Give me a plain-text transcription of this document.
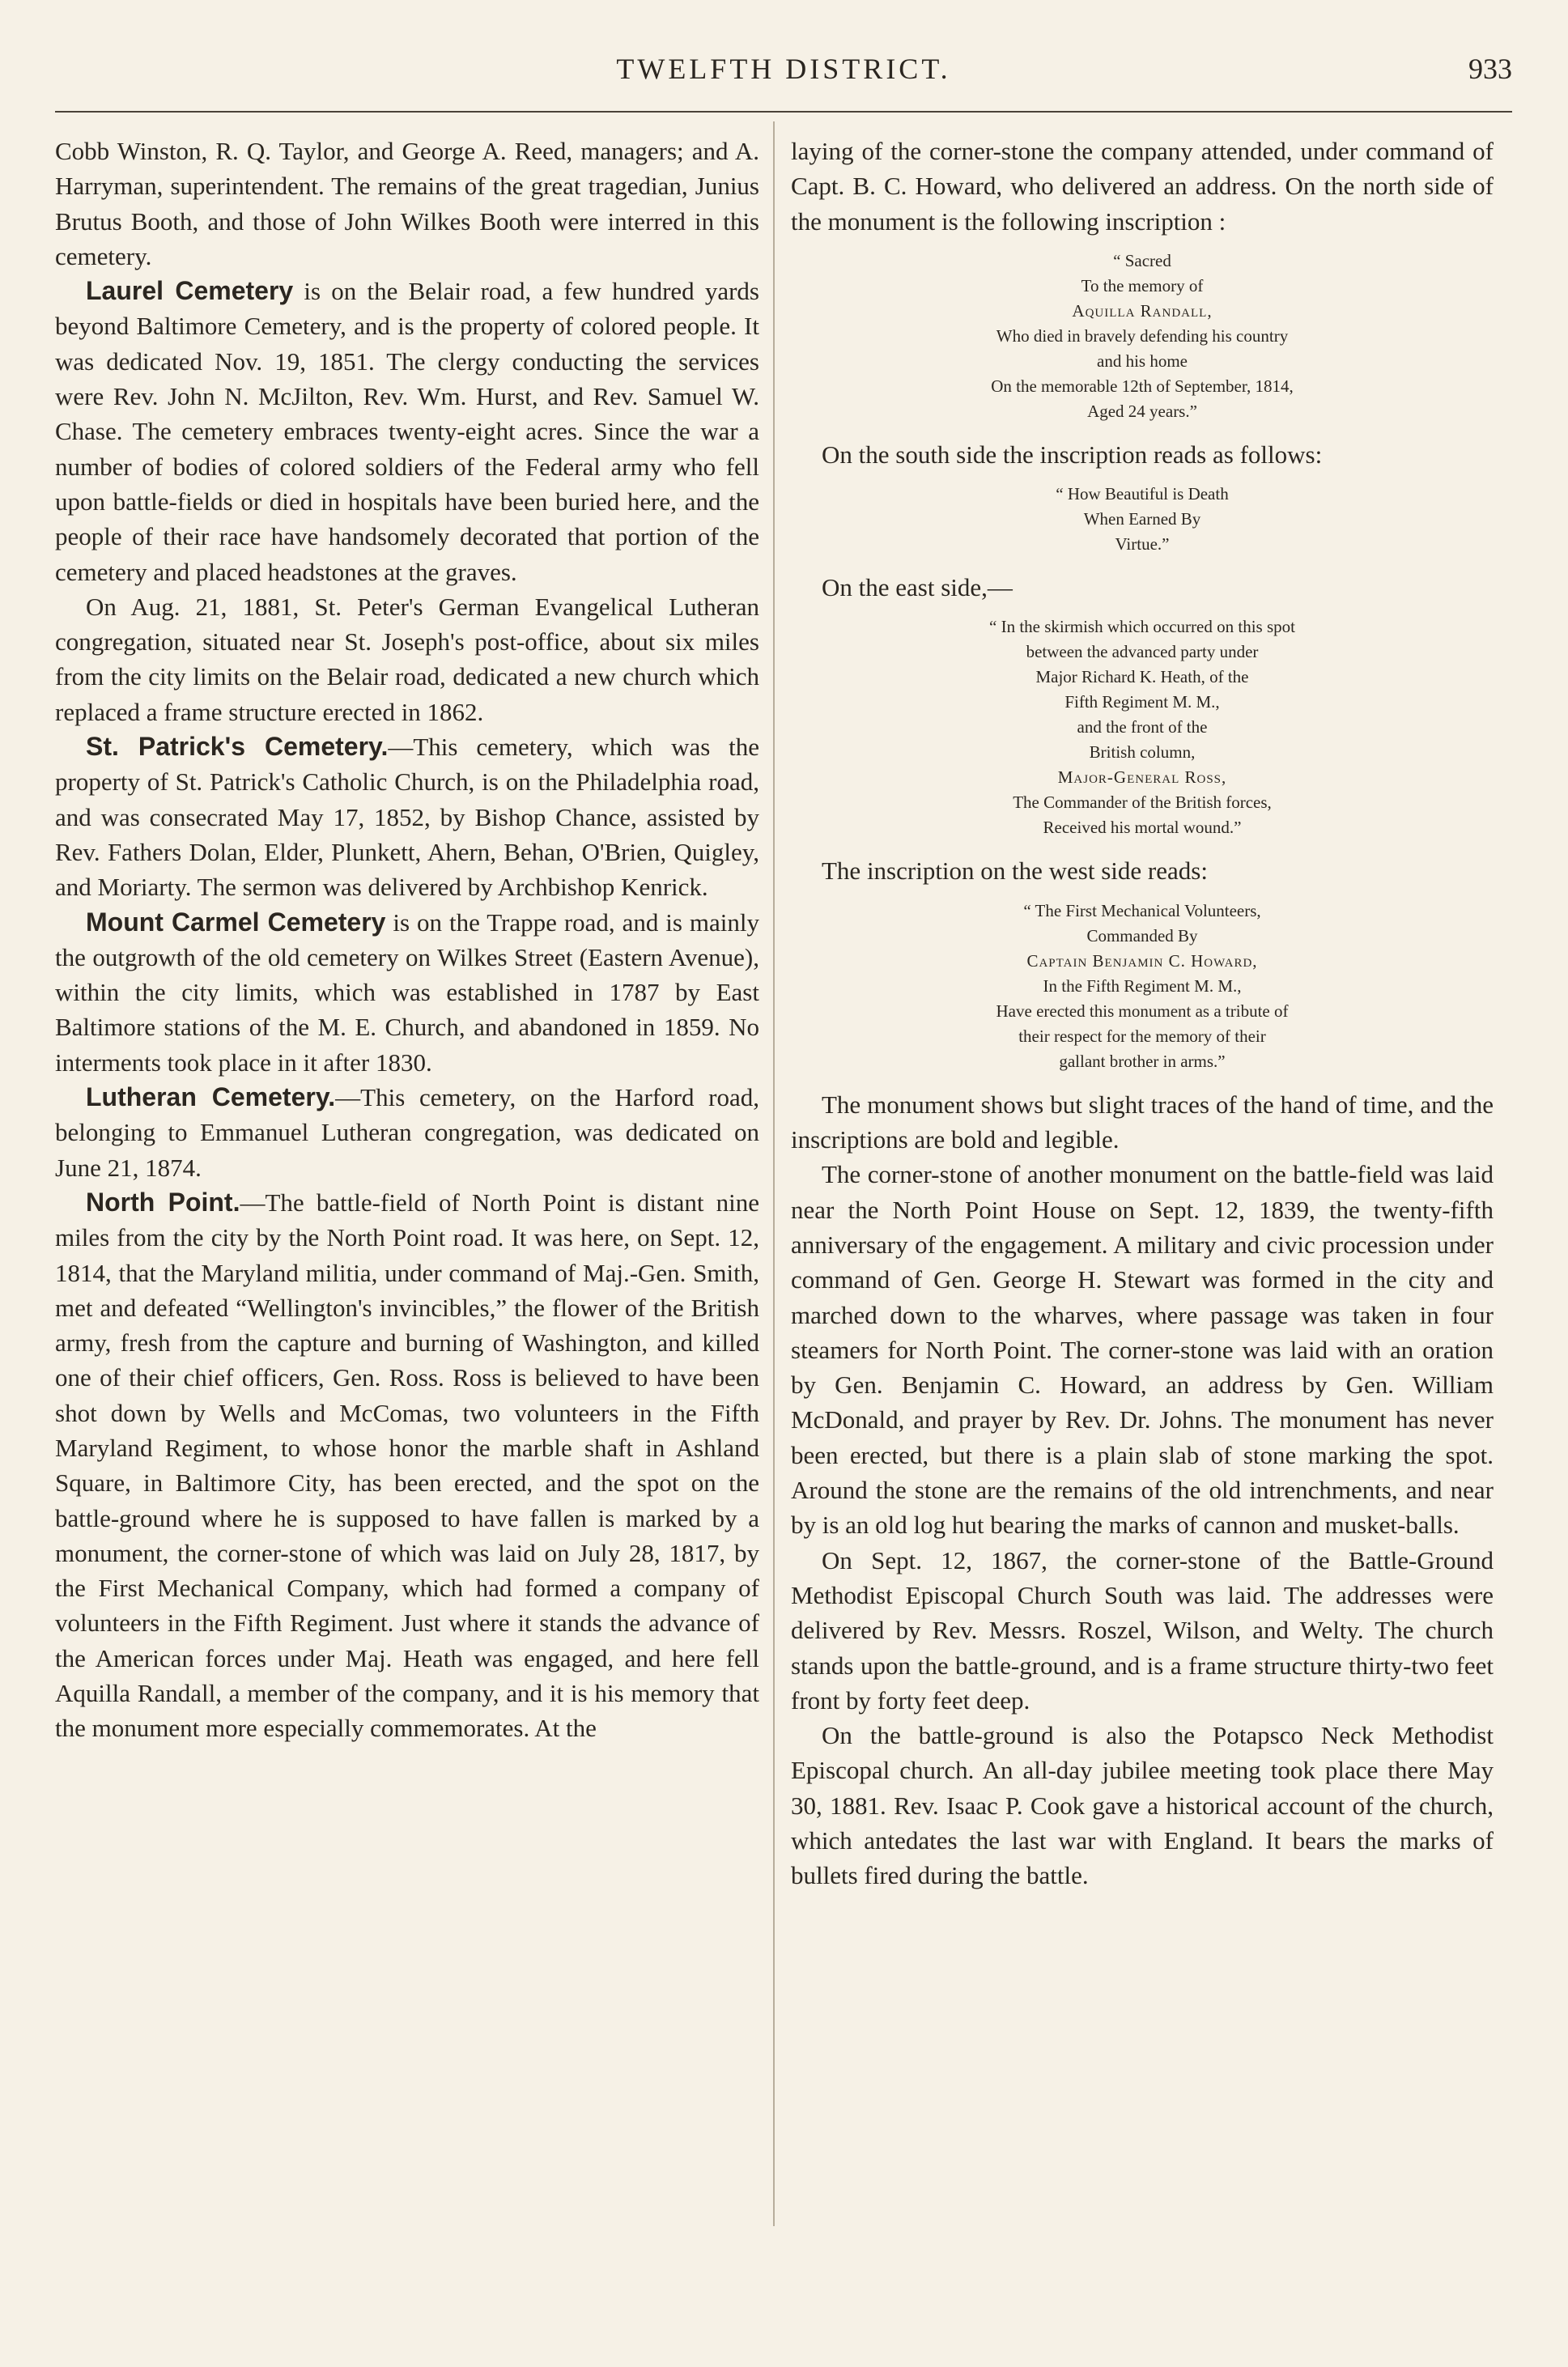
TWELFTH DISTRICT.	933

Cobb Winston, R. Q. Taylor, and George A. Reed, managers; and A. Harryman, superintendent. The remains of the great tragedian, Junius Brutus Booth, and those of John Wilkes Booth were interred in this cemetery.

Laurel Cemetery is on the Belair road, a few hundred yards beyond Baltimore Cemetery, and is the property of colored people. It was dedicated Nov. 19, 1851. The clergy conducting the services were Rev. John N. McJilton, Rev. Wm. Hurst, and Rev. Samuel W. Chase. The cemetery embraces twenty-eight acres. Since the war a number of bodies of colored soldiers of the Federal army who fell upon battle-fields or died in hospitals have been buried here, and the people of their race have handsomely decorated that portion of the cemetery and placed headstones at the graves.

On Aug. 21, 1881, St. Peter's German Evangelical Lutheran congregation, situated near St. Joseph's post-office, about six miles from the city limits on the Belair road, dedicated a new church which replaced a frame structure erected in 1862.

St. Patrick's Cemetery.—This cemetery, which was the property of St. Patrick's Catholic Church, is on the Philadelphia road, and was consecrated May 17, 1852, by Bishop Chance, assisted by Rev. Fathers Dolan, Elder, Plunkett, Ahern, Behan, O'Brien, Quigley, and Moriarty. The sermon was delivered by Archbishop Kenrick.

Mount Carmel Cemetery is on the Trappe road, and is mainly the outgrowth of the old cemetery on Wilkes Street (Eastern Avenue), within the city limits, which was established in 1787 by East Baltimore stations of the M. E. Church, and abandoned in 1859. No interments took place in it after 1830.

Lutheran Cemetery.—This cemetery, on the Harford road, belonging to Emmanuel Lutheran congregation, was dedicated on June 21, 1874.

North Point.—The battle-field of North Point is distant nine miles from the city by the North Point road. It was here, on Sept. 12, 1814, that the Maryland militia, under command of Maj.-Gen. Smith, met and defeated “Wellington's invincibles,” the flower of the British army, fresh from the capture and burning of Washington, and killed one of their chief officers, Gen. Ross. Ross is believed to have been shot down by Wells and McComas, two volunteers in the Fifth Maryland Regiment, to whose honor the marble shaft in Ashland Square, in Baltimore City, has been erected, and the spot on the battle-ground where he is supposed to have fallen is marked by a monument, the corner-stone of which was laid on July 28, 1817, by the First Mechanical Company, which had formed a company of volunteers in the Fifth Regiment. Just where it stands the advance of the American forces under Maj. Heath was engaged, and here fell Aquilla Randall, a member of the company, and it is his memory that the monument more especially commemorates. At the

laying of the corner-stone the company attended, under command of Capt. B. C. Howard, who delivered an address. On the north side of the monument is the following inscription :

“ Sacred
To the memory of
Aquilla Randall,
Who died in bravely defending his country
and his home
On the memorable 12th of September, 1814,
Aged 24 years.”

On the south side the inscription reads as follows:

“ How Beautiful is Death
When Earned By
Virtue.”

On the east side,—

“ In the skirmish which occurred on this spot
between the advanced party under
Major Richard K. Heath, of the
Fifth Regiment M. M.,
and the front of the
British column,
Major-General Ross,
The Commander of the British forces,
Received his mortal wound.”

The inscription on the west side reads:

“ The First Mechanical Volunteers,
Commanded By
Captain Benjamin C. Howard,
In the Fifth Regiment M. M.,
Have erected this monument as a tribute of
their respect for the memory of their
gallant brother in arms.”

The monument shows but slight traces of the hand of time, and the inscriptions are bold and legible.

The corner-stone of another monument on the battle-field was laid near the North Point House on Sept. 12, 1839, the twenty-fifth anniversary of the engagement. A military and civic procession under command of Gen. George H. Stewart was formed in the city and marched down to the wharves, where passage was taken in four steamers for North Point. The corner-stone was laid with an oration by Gen. Benjamin C. Howard, an address by Gen. William McDonald, and prayer by Rev. Dr. Johns. The monument has never been erected, but there is a plain slab of stone marking the spot. Around the stone are the remains of the old intrenchments, and near by is an old log hut bearing the marks of cannon and musket-balls.

On Sept. 12, 1867, the corner-stone of the Battle-Ground Methodist Episcopal Church South was laid. The addresses were delivered by Rev. Messrs. Roszel, Wilson, and Welty. The church stands upon the battle-ground, and is a frame structure thirty-two feet front by forty feet deep.

On the battle-ground is also the Potapsco Neck Methodist Episcopal church. An all-day jubilee meeting took place there May 30, 1881. Rev. Isaac P. Cook gave a historical account of the church, which antedates the last war with England. It bears the marks of bullets fired during the battle.
